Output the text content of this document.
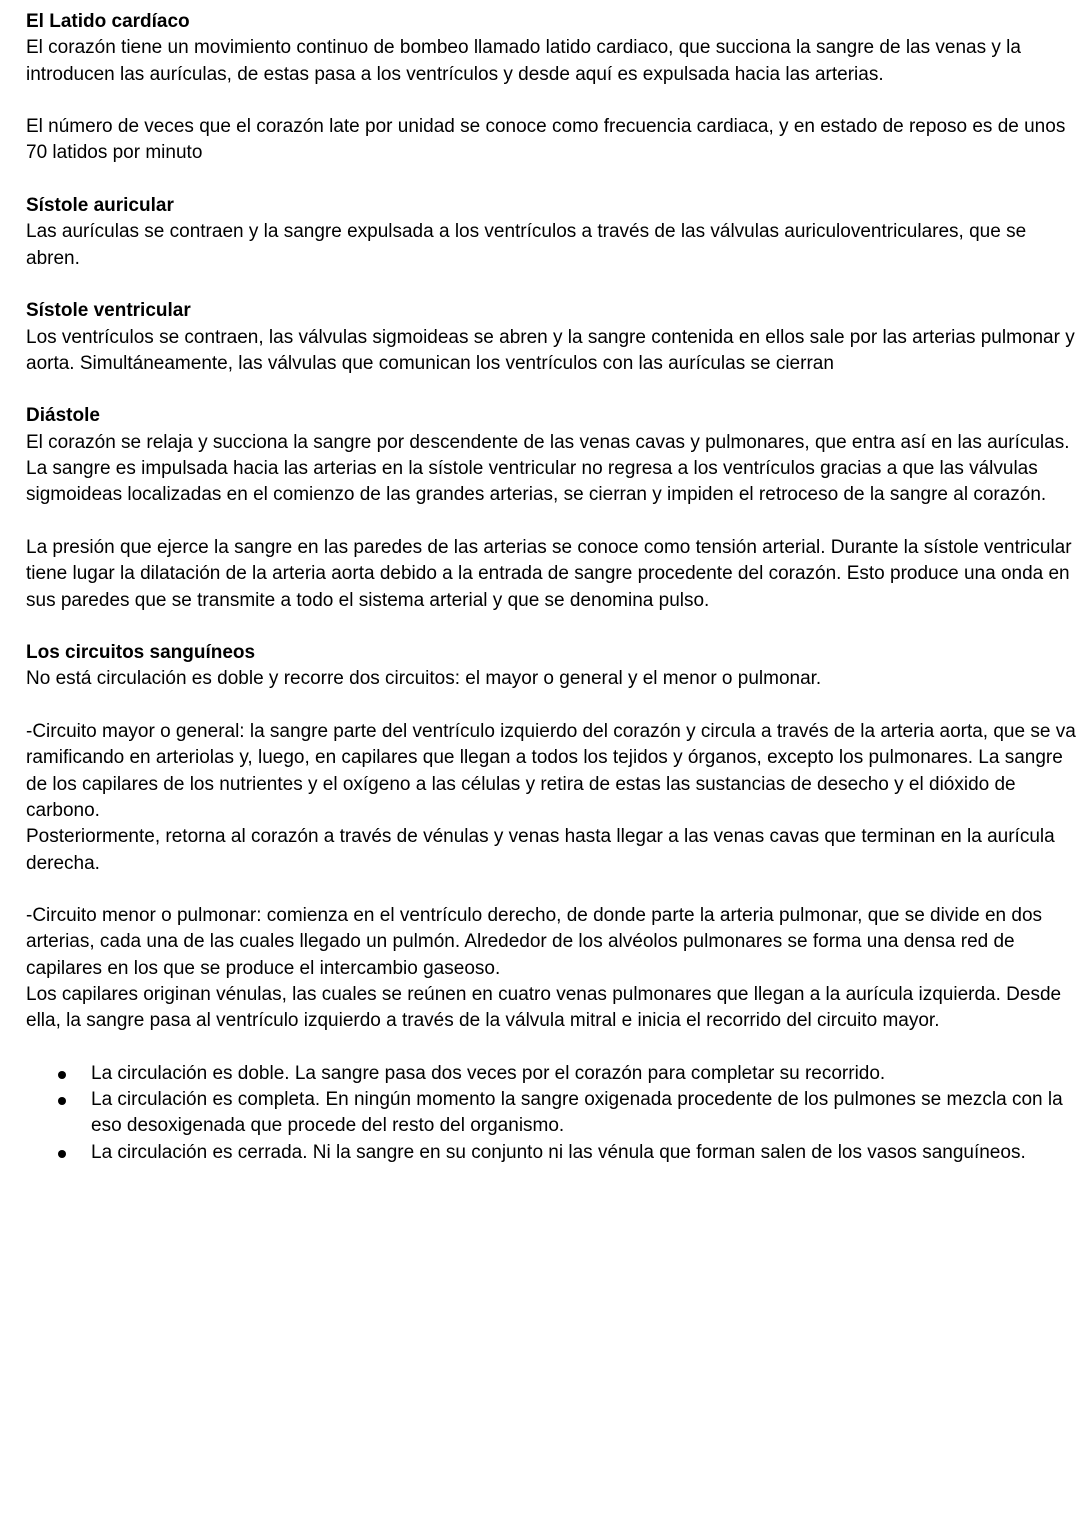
El Latido cardíaco

El corazón tiene un movimiento continuo de bombeo llamado latido cardiaco, que succiona la sangre de las venas y la introducen las aurículas, de estas pasa a los ventrículos y desde aquí es expulsada hacia las arterias.

El número de veces que el corazón late por unidad se conoce como frecuencia cardiaca, y en estado de reposo es de unos 70 latidos por minuto

Sístole auricular

Las aurículas se contraen y la sangre expulsada a los ventrículos a través de las válvulas auriculoventriculares, que se abren.

Sístole ventricular

Los ventrículos se contraen, las válvulas sigmoideas se abren y la sangre contenida en ellos sale por las arterias pulmonar y aorta. Simultáneamente, las válvulas que comunican los ventrículos con las aurículas se cierran

Diástole

El corazón se relaja y succiona la sangre por descendente de las venas cavas y pulmonares, que entra así en las aurículas.

La sangre es impulsada hacia las arterias en la sístole ventricular no regresa a los ventrículos gracias a que las válvulas sigmoideas localizadas en el comienzo de las grandes arterias, se cierran y impiden el retroceso de la sangre al corazón.

La presión que ejerce la sangre en las paredes de las arterias se conoce como tensión arterial. Durante la sístole ventricular tiene lugar la dilatación de la arteria aorta debido a la entrada de sangre procedente del corazón. Esto produce una onda en sus paredes que se transmite a todo el sistema arterial y que se denomina pulso.

Los circuitos sanguíneos

No está circulación es doble y recorre dos circuitos: el mayor o general y el menor o pulmonar.

-Circuito mayor o general: la sangre parte del ventrículo izquierdo del corazón y circula a través de la arteria aorta, que se va ramificando en arteriolas y, luego, en capilares que llegan a todos los tejidos y órganos, excepto los pulmonares. La sangre de los capilares de los nutrientes y el oxígeno a las células y retira de estas las sustancias de desecho y el dióxido de carbono.

Posteriormente, retorna al corazón a través de vénulas y venas hasta llegar a las venas cavas que terminan en la aurícula derecha.

-Circuito menor o pulmonar: comienza en el ventrículo derecho, de donde parte la arteria pulmonar, que se divide en dos arterias, cada una de las cuales llegado un pulmón. Alrededor de los alvéolos pulmonares se forma una densa red de capilares en los que se produce el intercambio gaseoso.

Los capilares originan vénulas, las cuales se reúnen en cuatro venas pulmonares que llegan a la aurícula izquierda. Desde ella, la sangre pasa al ventrículo izquierdo a través de la válvula mitral e inicia el recorrido del circuito mayor.

La circulación es doble. La sangre pasa dos veces por el corazón para completar su recorrido.
La circulación es completa. En ningún momento la sangre oxigenada procedente de los pulmones se mezcla con la eso desoxigenada que procede del resto del organismo.
La circulación es cerrada. Ni la sangre en su conjunto ni las vénula que forman salen de los vasos sanguíneos.
